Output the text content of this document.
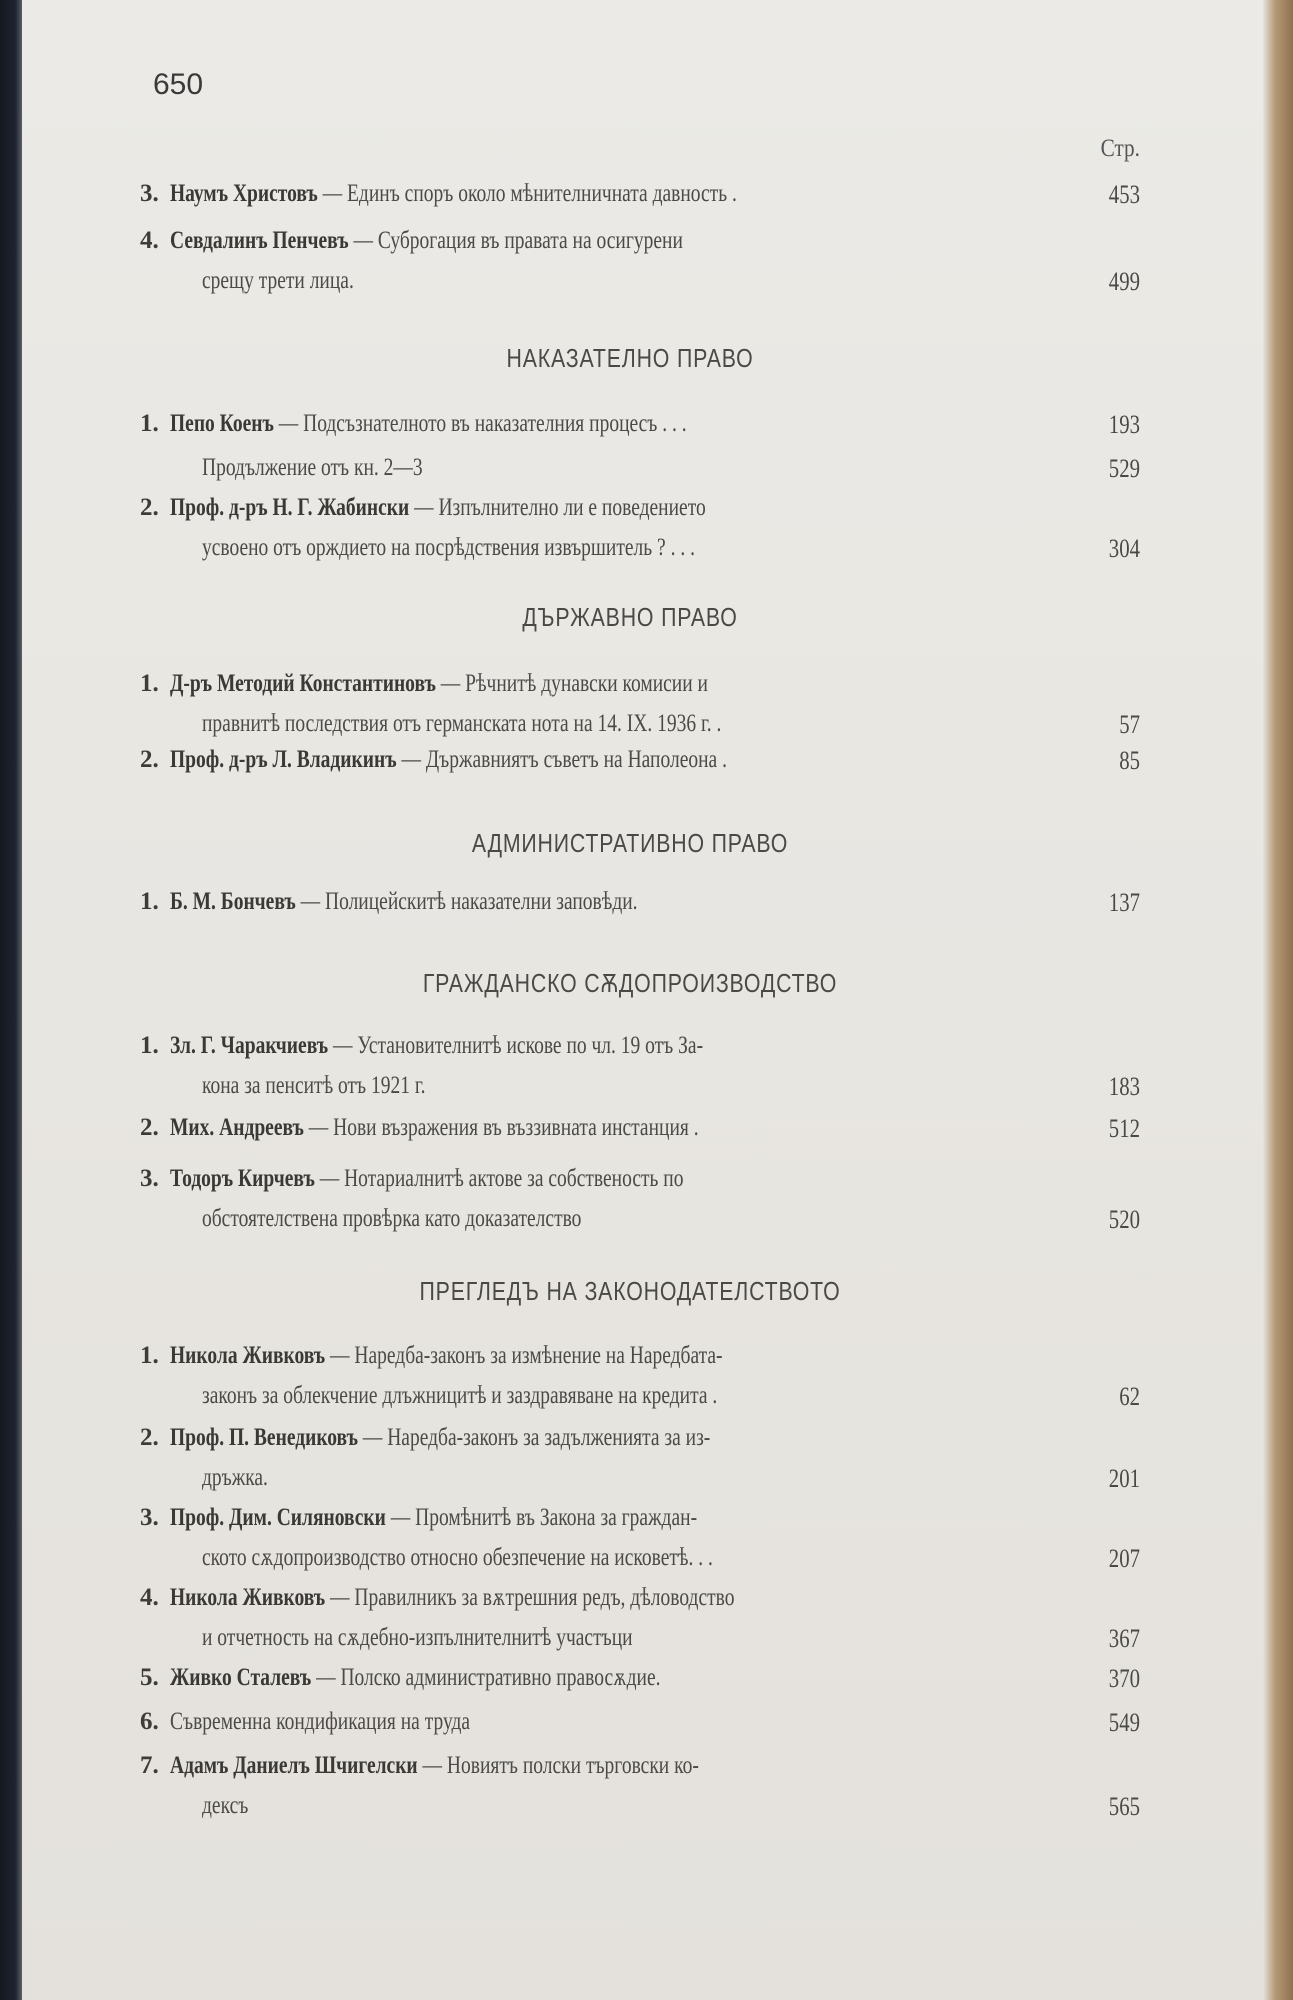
650
Стр.
3. Наумъ Христовъ — Единъ споръ около мѣнителничната давность .	453
4. Севдалинъ Пенчевъ — Суброгация въ правата на осигурени
срещу трети лица.	499
НАКАЗАТЕЛНО ПРАВО
1. Пепо Коенъ — Подсъзнателното въ наказателния процесъ . . .	193
Продължение отъ кн. 2—3	529
2. Проф. д-ръ Н. Г. Жабински — Изпълнително ли е поведението
усвоено отъ орждието на посрѣдствения извършитель ? . . .	304
ДЪРЖАВНО ПРАВО
1. Д-ръ Методий Константиновъ — Рѣчнитѣ дунавски комисии и
правнитѣ последствия отъ германската нота на 14. IX. 1936 г. .	57
2. Проф. д-ръ Л. Владикинъ — Държавниятъ съветъ на Наполеона .	85
АДМИНИСТРАТИВНО ПРАВО
1. Б. М. Бончевъ — Полицейскитѣ наказателни заповѣди.	137
ГРАЖДАНСКО СѪДОПРОИЗВОДСТВО
1. Зл. Г. Чаракчиевъ — Установителнитѣ искове по чл. 19 отъ За-
кона за пенситѣ отъ 1921 г.	183
2. Мих. Андреевъ — Нови възражения въ въззивната инстанция .	512
3. Тодоръ Кирчевъ — Нотариалнитѣ актове за собственость по
обстоятелствена провѣрка като доказателство	520
ПРЕГЛЕДЪ НА ЗАКОНОДАТЕЛСТВОТО
1. Никола Живковъ — Наредба-законъ за измѣнение на Наредбата-
законъ за облекчение длъжницитѣ и заздравяване на кредита .	62
2. Проф. П. Венедиковъ — Наредба-законъ за задълженията за из-
дръжка.	201
3. Проф. Дим. Силяновски — Промѣнитѣ въ Закона за граждан-
ското сѫдопроизводство относно обезпечение на исковетѣ. . .	207
4. Никола Живковъ — Правилникъ за вѫтрешния редъ, дѣловодство
и отчетность на сѫдебно-изпълнителнитѣ участъци	367
5. Живко Сталевъ — Полско административно правосѫдие.	370
6. Съвременна кондификация на труда	549
7. Адамъ Даниелъ Шчигелски — Новиятъ полски търговски ко-
дексъ	565
